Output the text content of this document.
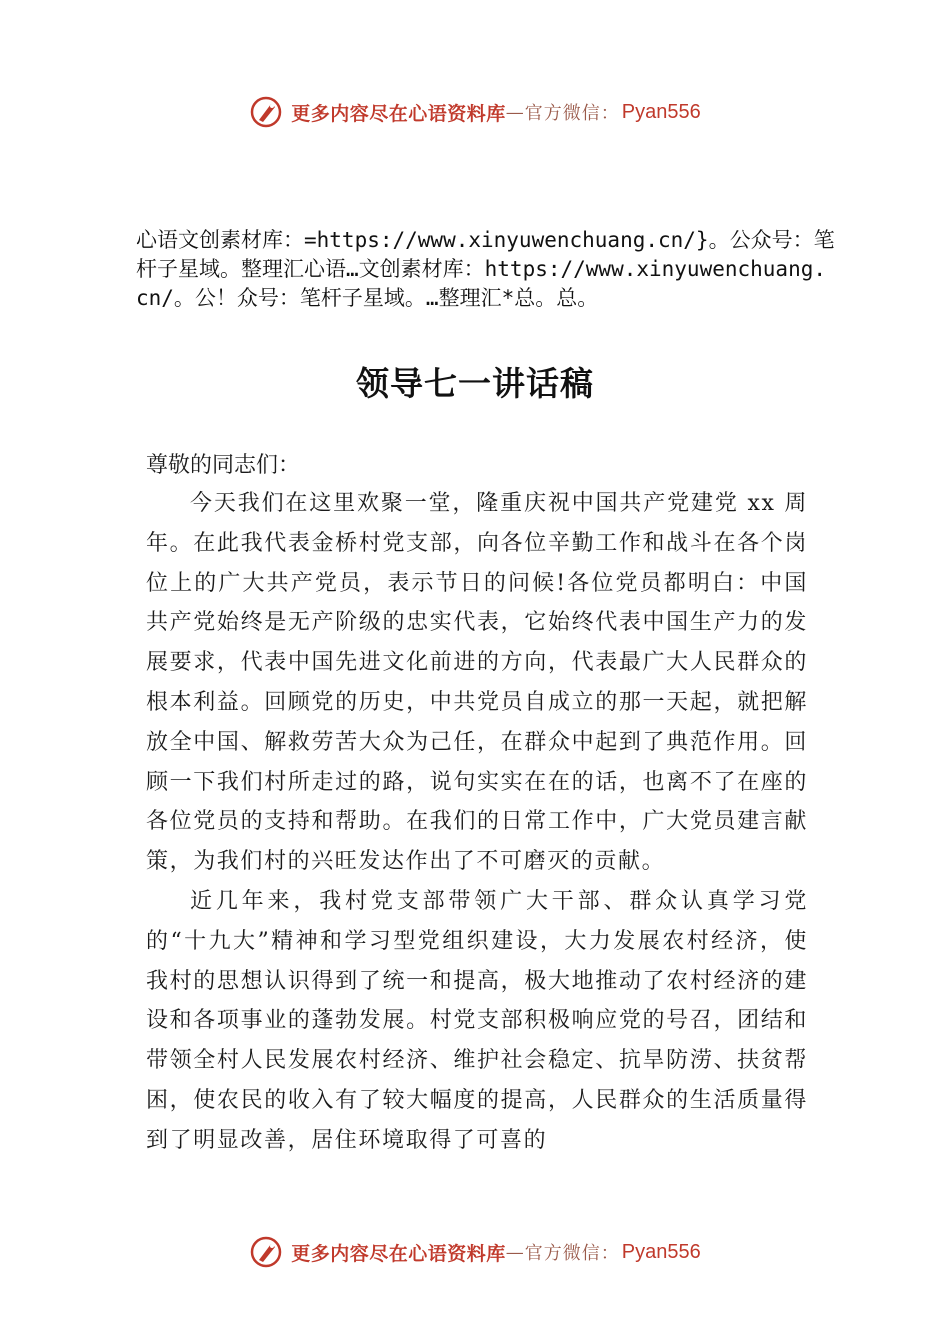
更多内容尽在心语资料库 — 官方微信： Pyan556

心语文创素材库：=https://www.xinyuwenchuang.cn/}。公众号：笔杆子星域。整理汇心语…文创素材库：https://www.xinyuwenchuang.cn/。公！众号：笔杆子星域。…整理汇*总。总。

领导七一讲话稿

尊敬的同志们：

今天我们在这里欢聚一堂，隆重庆祝中国共产党建党 xx 周年。在此我代表金桥村党支部，向各位辛勤工作和战斗在各个岗位上的广大共产党员，表示节日的问候!各位党员都明白：中国共产党始终是无产阶级的忠实代表，它始终代表中国生产力的发展要求，代表中国先进文化前进的方向，代表最广大人民群众的根本利益。回顾党的历史，中共党员自成立的那一天起，就把解放全中国、解救劳苦大众为己任，在群众中起到了典范作用。回顾一下我们村所走过的路，说句实实在在的话，也离不了在座的各位党员的支持和帮助。在我们的日常工作中，广大党员建言献策，为我们村的兴旺发达作出了不可磨灭的贡献。

近几年来，我村党支部带领广大干部、群众认真学习党的“十九大”精神和学习型党组织建设，大力发展农村经济，使我村的思想认识得到了统一和提高，极大地推动了农村经济的建设和各项事业的蓬勃发展。村党支部积极响应党的号召，团结和带领全村人民发展农村经济、维护社会稳定、抗旱防涝、扶贫帮困，使农民的收入有了较大幅度的提高，人民群众的生活质量得到了明显改善，居住环境取得了可喜的

更多内容尽在心语资料库 — 官方微信： Pyan556
